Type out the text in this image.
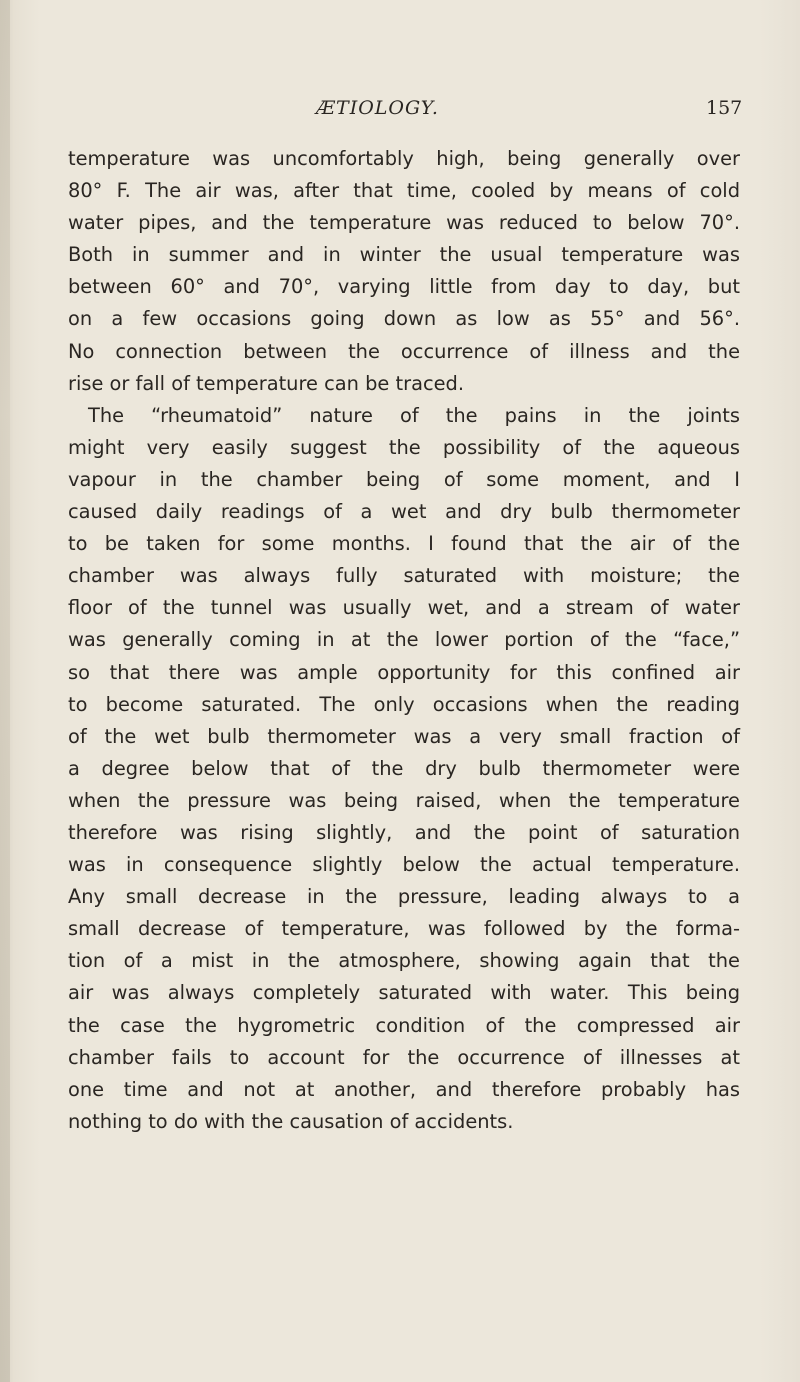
ÆTIOLOGY.	157
temperature was uncomfortably high, being generally over
80° F. The air was, after that time, cooled by means of cold
water pipes, and the temperature was reduced to below 70°.
Both in summer and in winter the usual temperature was
between 60° and 70°, varying little from day to day, but
on a few occasions going down as low as 55° and 56°.
No connection between the occurrence of illness and the
rise or fall of temperature can be traced.
The “rheumatoid” nature of the pains in the joints
might very easily suggest the possibility of the aqueous
vapour in the chamber being of some moment, and I
caused daily readings of a wet and dry bulb thermometer
to be taken for some months. I found that the air of the
chamber was always fully saturated with moisture; the
floor of the tunnel was usually wet, and a stream of water
was generally coming in at the lower portion of the “face,”
so that there was ample opportunity for this confined air
to become saturated. The only occasions when the reading
of the wet bulb thermometer was a very small fraction of
a degree below that of the dry bulb thermometer were
when the pressure was being raised, when the temperature
therefore was rising slightly, and the point of saturation
was in consequence slightly below the actual temperature.
Any small decrease in the pressure, leading always to a
small decrease of temperature, was followed by the forma-
tion of a mist in the atmosphere, showing again that the
air was always completely saturated with water. This being
the case the hygrometric condition of the compressed air
chamber fails to account for the occurrence of illnesses at
one time and not at another, and therefore probably has
nothing to do with the causation of accidents.
